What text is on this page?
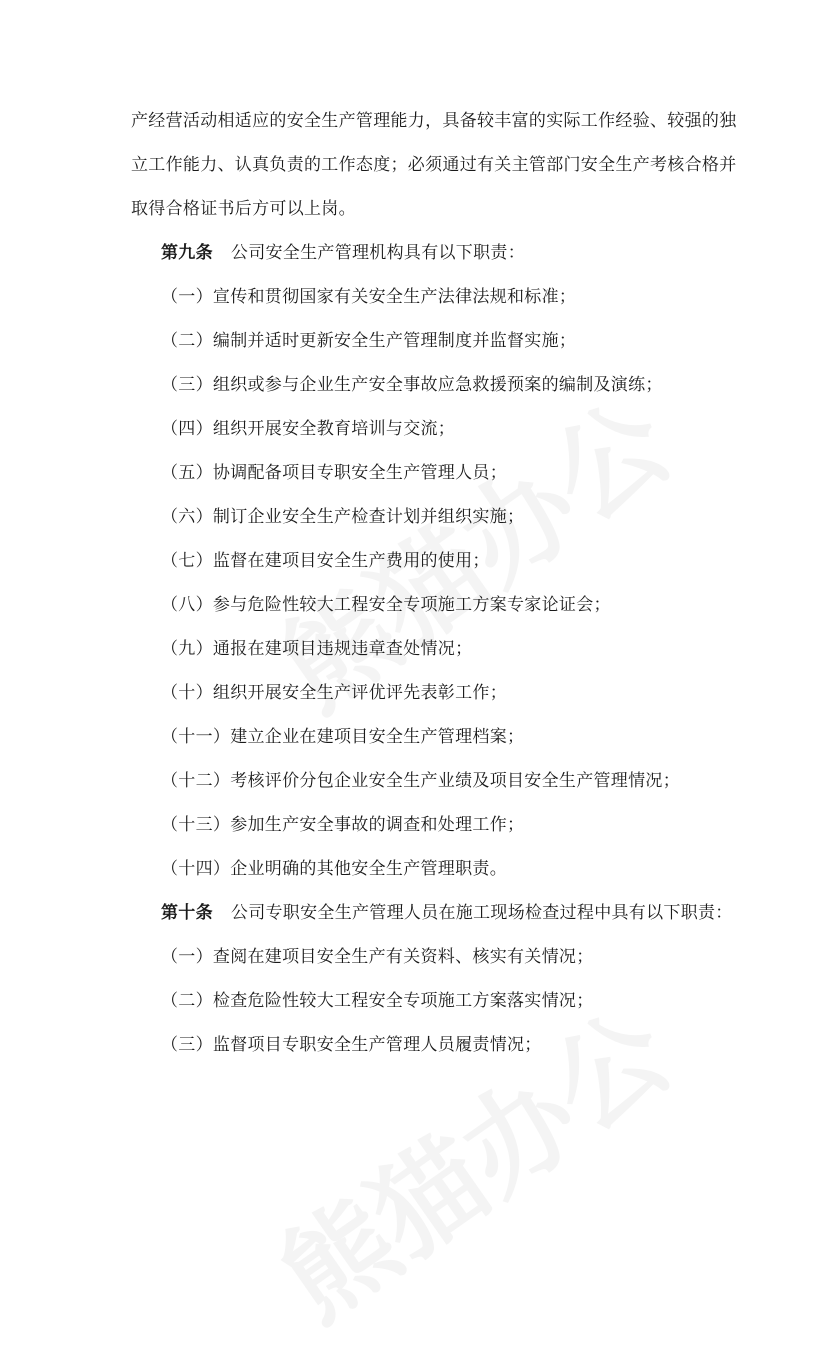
产经营活动相适应的安全生产管理能力，具备较丰富的实际工作经验、较强的独
立工作能力、认真负责的工作态度；必须通过有关主管部门安全生产考核合格并
取得合格证书后方可以上岗。
第九条 公司安全生产管理机构具有以下职责：
（一）宣传和贯彻国家有关安全生产法律法规和标准；
（二）编制并适时更新安全生产管理制度并监督实施；
（三）组织或参与企业生产安全事故应急救援预案的编制及演练；
（四）组织开展安全教育培训与交流；
（五）协调配备项目专职安全生产管理人员；
（六）制订企业安全生产检查计划并组织实施；
（七）监督在建项目安全生产费用的使用；
（八）参与危险性较大工程安全专项施工方案专家论证会；
（九）通报在建项目违规违章查处情况；
（十）组织开展安全生产评优评先表彰工作；
（十一）建立企业在建项目安全生产管理档案；
（十二）考核评价分包企业安全生产业绩及项目安全生产管理情况；
（十三）参加生产安全事故的调查和处理工作；
（十四）企业明确的其他安全生产管理职责。
第十条 公司专职安全生产管理人员在施工现场检查过程中具有以下职责：
（一）查阅在建项目安全生产有关资料、核实有关情况；
（二）检查危险性较大工程安全专项施工方案落实情况；
（三）监督项目专职安全生产管理人员履责情况；
